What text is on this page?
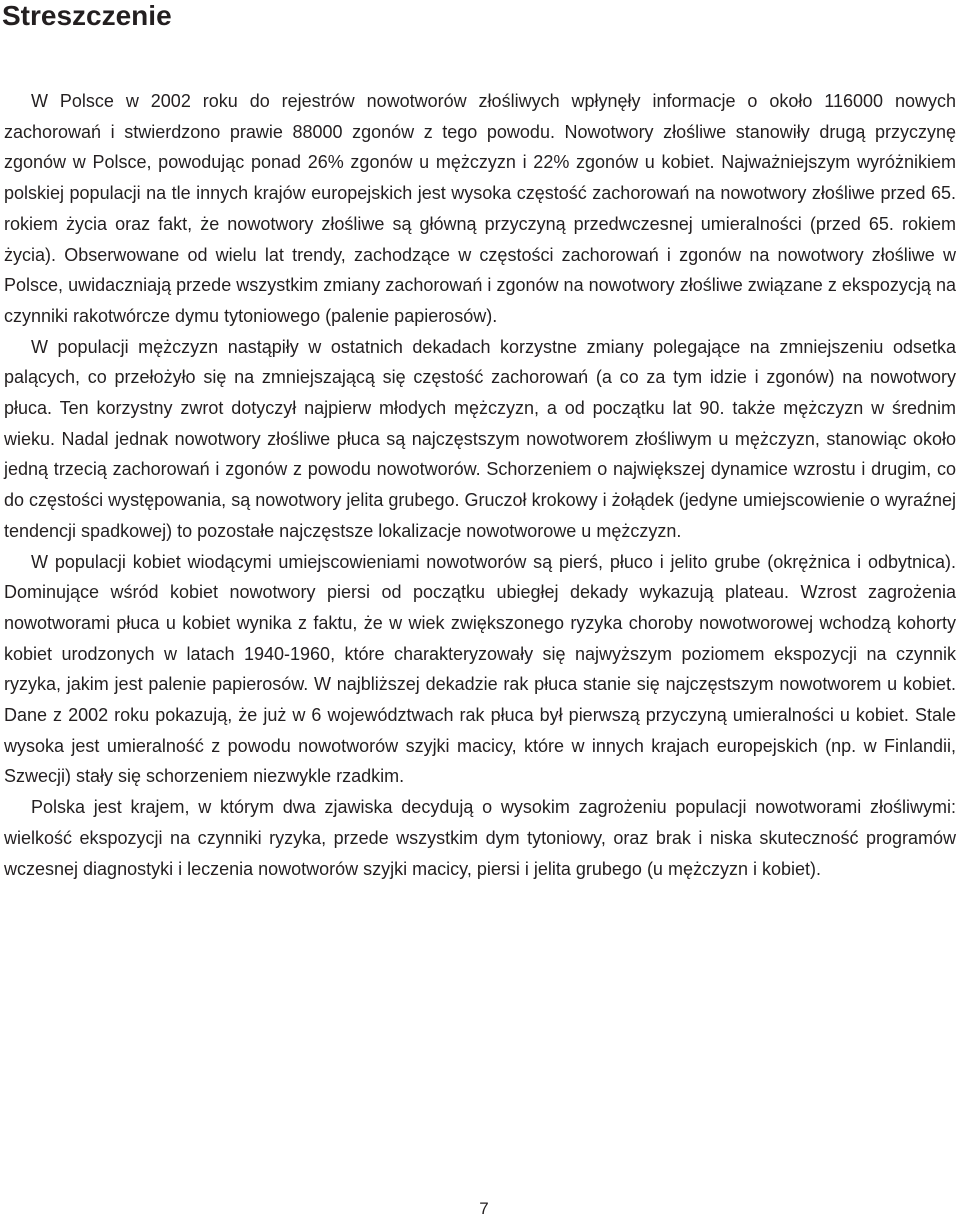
Streszczenie

W Polsce w 2002 roku do rejestrów nowotworów złośliwych wpłynęły informacje o około 116000 nowych zachorowań i stwierdzono prawie 88000 zgonów z tego powodu. Nowotwory złośliwe stanowiły drugą przyczynę zgonów w Polsce, powodując ponad 26% zgonów u mężczyzn i 22% zgonów u kobiet. Najważniejszym wyróżnikiem polskiej populacji na tle innych krajów europejskich jest wysoka częstość zachorowań na nowotwory złośliwe przed 65. rokiem życia oraz fakt, że nowotwory złośliwe są główną przyczyną przedwczesnej umieralności (przed 65. rokiem życia). Obserwowane od wielu lat trendy, zachodzące w częstości zachorowań i zgonów na nowotwory złośliwe w Polsce, uwidaczniają przede wszystkim zmiany zachorowań i zgonów na nowotwory złośliwe związane z ekspozycją na czynniki rakotwórcze dymu tytoniowego (palenie papierosów).

W populacji mężczyzn nastąpiły w ostatnich dekadach korzystne zmiany polegające na zmniejszeniu odsetka palących, co przełożyło się na zmniejszającą się częstość zachorowań (a co za tym idzie i zgonów) na nowotwory płuca. Ten korzystny zwrot dotyczył najpierw młodych mężczyzn, a od początku lat 90. także mężczyzn w średnim wieku. Nadal jednak nowotwory złośliwe płuca są najczęstszym nowotworem złośliwym u mężczyzn, stanowiąc około jedną trzecią zachorowań i zgonów z powodu nowotworów. Schorzeniem o największej dynamice wzrostu i drugim, co do częstości występowania, są nowotwory jelita grubego. Gruczoł krokowy i żołądek (jedyne umiejscowienie o wyraźnej tendencji spadkowej) to pozostałe najczęstsze lokalizacje nowotworowe u mężczyzn.

W populacji kobiet wiodącymi umiejscowieniami nowotworów są pierś, płuco i jelito grube (okrężnica i odbytnica). Dominujące wśród kobiet nowotwory piersi od początku ubiegłej dekady wykazują plateau. Wzrost zagrożenia nowotworami płuca u kobiet wynika z faktu, że w wiek zwiększonego ryzyka choroby nowotworowej wchodzą kohorty kobiet urodzonych w latach 1940-1960, które charakteryzowały się najwyższym poziomem ekspozycji na czynnik ryzyka, jakim jest palenie papierosów. W najbliższej dekadzie rak płuca stanie się najczęstszym nowotworem u kobiet. Dane z 2002 roku pokazują, że już w 6 województwach rak płuca był pierwszą przyczyną umieralności u kobiet. Stale wysoka jest umieralność z powodu nowotworów szyjki macicy, które w innych krajach europejskich (np. w Finlandii, Szwecji) stały się schorzeniem niezwykle rzadkim.

Polska jest krajem, w którym dwa zjawiska decydują o wysokim zagrożeniu populacji nowotworami złośliwymi: wielkość ekspozycji na czynniki ryzyka, przede wszystkim dym tytoniowy, oraz brak i niska skuteczność programów wczesnej diagnostyki i leczenia nowotworów szyjki macicy, piersi i jelita grubego (u mężczyzn i kobiet).

7
